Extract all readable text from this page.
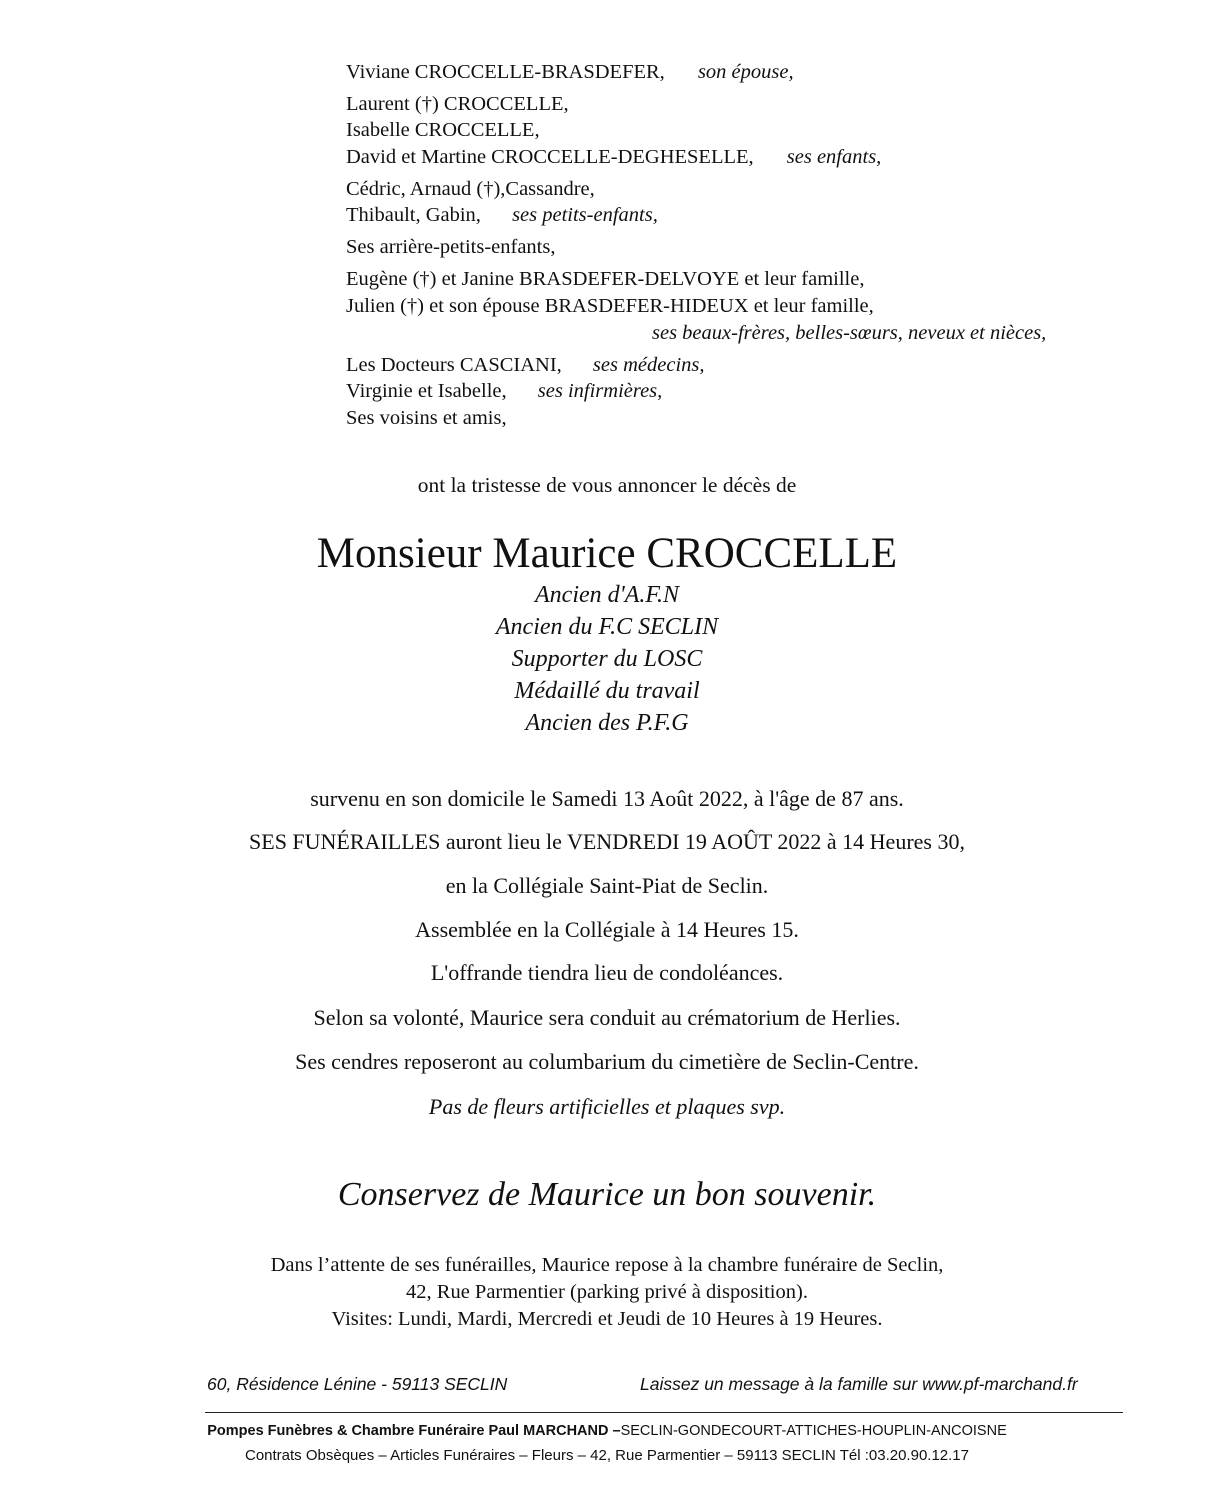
Viviane CROCCELLE-BRASDEFER, son épouse,
Laurent (†) CROCCELLE,
Isabelle CROCCELLE,
David et Martine CROCCELLE-DEGHESELLE, ses enfants,
Cédric, Arnaud (†),Cassandre,
Thibault, Gabin, ses petits-enfants,
Ses arrière-petits-enfants,
Eugène (†) et Janine BRASDEFER-DELVOYE et leur famille,
Julien (†) et son épouse BRASDEFER-HIDEUX et leur famille,
ses beaux-frères, belles-sœurs, neveux et nièces,
Les Docteurs CASCIANI, ses médecins,
Virginie et Isabelle, ses infirmières,
Ses voisins et amis,
ont la tristesse de vous annoncer le décès de
Monsieur Maurice CROCCELLE
Ancien d'A.F.N
Ancien du F.C SECLIN
Supporter du LOSC
Médaillé du travail
Ancien des P.F.G
survenu en son domicile le Samedi 13 Août 2022, à l'âge de 87 ans.
SES FUNÉRAILLES auront lieu le VENDREDI 19 AOÛT 2022 à 14 Heures 30,
en la Collégiale Saint-Piat de Seclin.
Assemblée en la Collégiale à 14 Heures 15.
L'offrande tiendra lieu de condoléances.
Selon sa volonté, Maurice sera conduit au crématorium de Herlies.
Ses cendres reposeront au columbarium du cimetière de Seclin-Centre.
Pas de fleurs artificielles et plaques svp.
Conservez de Maurice un bon souvenir.
Dans l’attente de ses funérailles, Maurice repose à la chambre funéraire de Seclin,
42, Rue Parmentier (parking privé à disposition).
Visites: Lundi, Mardi, Mercredi et Jeudi de 10 Heures à 19 Heures.
60, Résidence Lénine - 59113 SECLIN	Laissez un message à la famille sur www.pf-marchand.fr
Pompes Funèbres & Chambre Funéraire Paul MARCHAND –SECLIN-GONDECOURT-ATTICHES-HOUPLIN-ANCOISNE
Contrats Obsèques – Articles Funéraires – Fleurs – 42, Rue Parmentier – 59113 SECLIN Tél :03.20.90.12.17
